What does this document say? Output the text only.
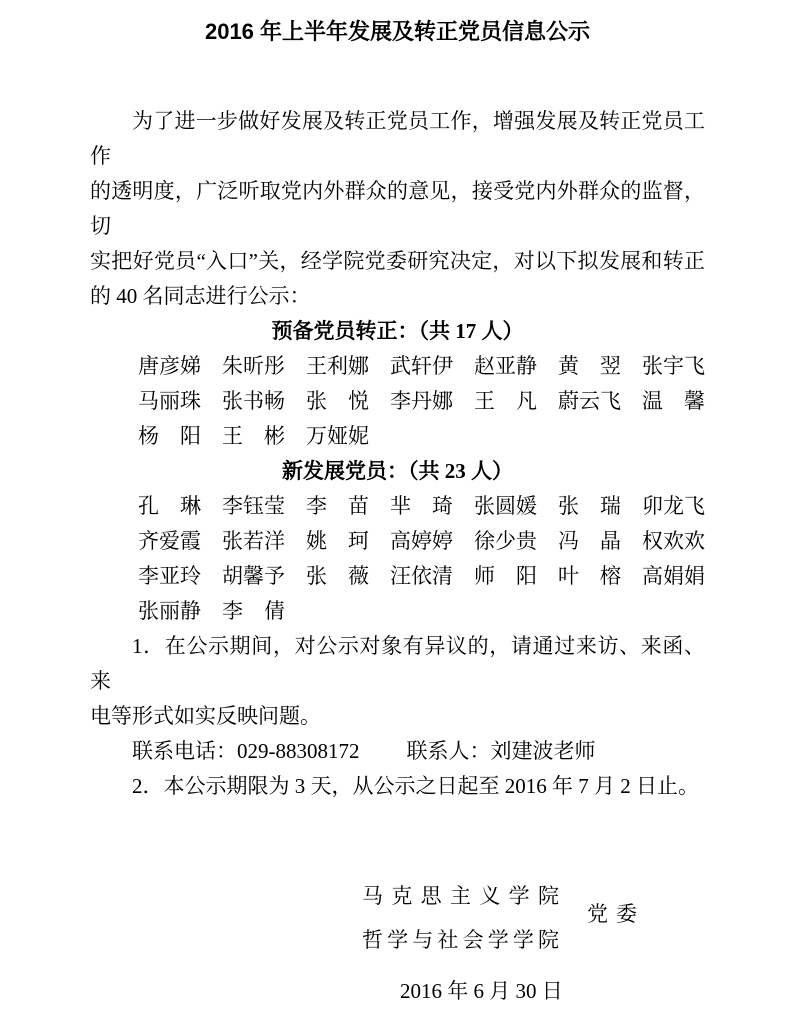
2016 年上半年发展及转正党员信息公示
为了进一步做好发展及转正党员工作，增强发展及转正党员工作
的透明度，广泛听取党内外群众的意见，接受党内外群众的监督，切
实把好党员“入口”关，经学院党委研究决定，对以下拟发展和转正
的 40 名同志进行公示：
预备党员转正：（共 17 人）
唐彦娣 朱昕彤 王利娜 武轩伊 赵亚静 黄　翌 张宇飞
马丽珠 张书畅 张　悦 李丹娜 王　凡 蔚云飞 温　馨
杨　阳 王　彬 万娅妮
新发展党员：（共 23 人）
孔　琳 李钰莹 李　苗 芈　琦 张圆媛 张　瑞 卯龙飞
齐爱霞 张若洋 姚　珂 高婷婷 徐少贵 冯　晶 权欢欢
李亚玲 胡馨予 张　薇 汪依清 师　阳 叶　榕 高娟娟
张丽静 李　倩
1．在公示期间，对公示对象有异议的，请通过来访、来函、来
电等形式如实反映问题。
联系电话：029-88308172 联系人：刘建波老师
2．本公示期限为 3 天，从公示之日起至 2016 年 7 月 2 日止。
马克思主义学院
哲学与社会学学院
党委
2016 年 6 月 30 日
